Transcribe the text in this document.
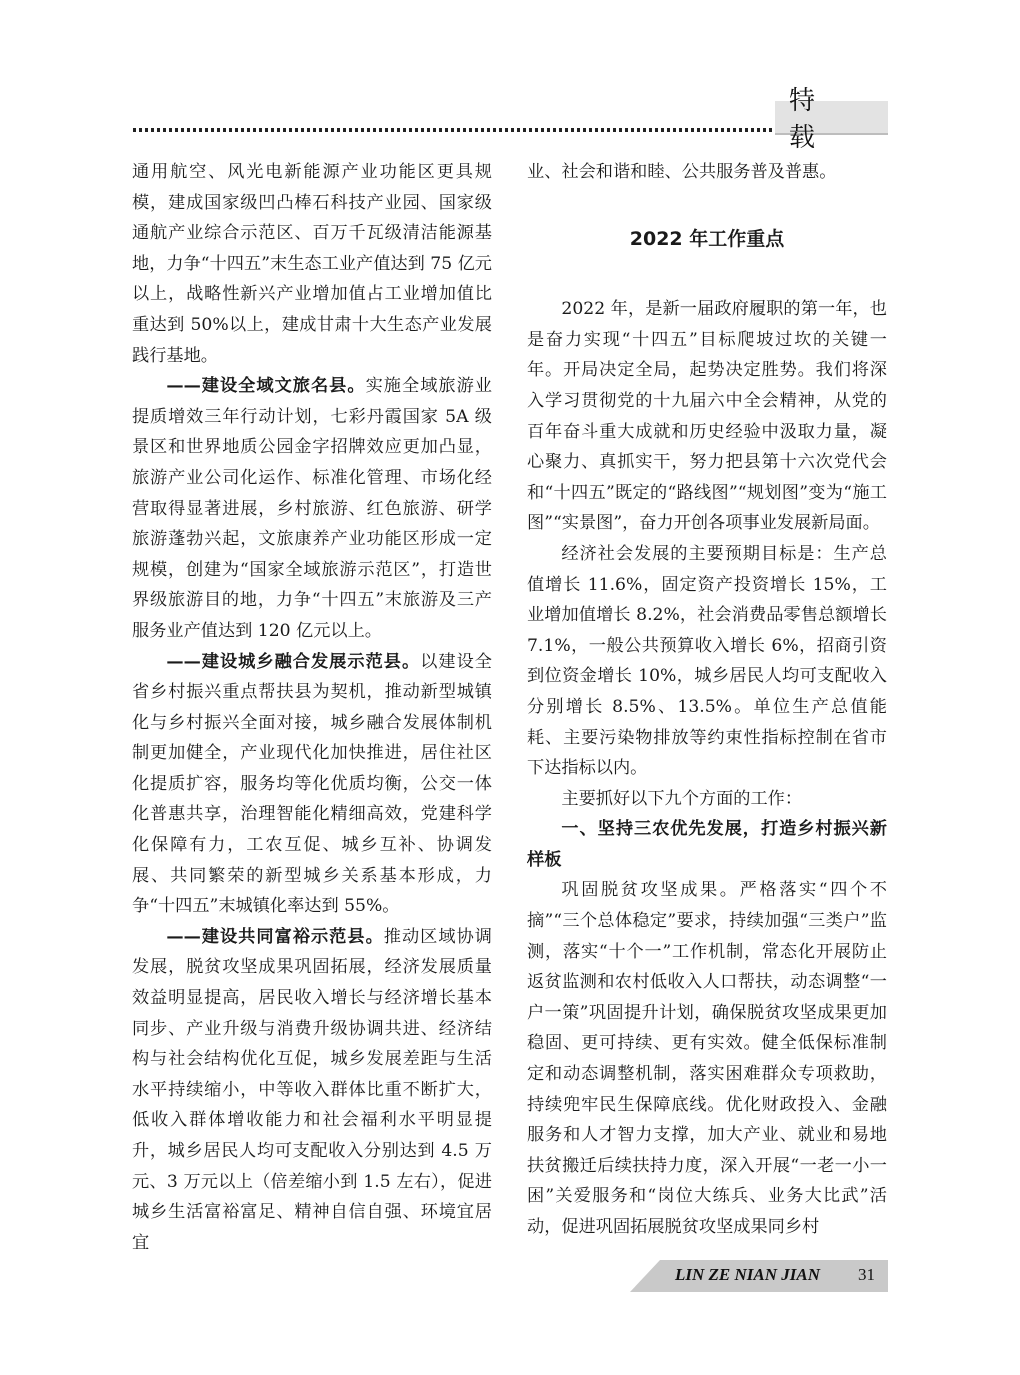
特 载

通用航空、风光电新能源产业功能区更具规模，建成国家级凹凸棒石科技产业园、国家级通航产业综合示范区、百万千瓦级清洁能源基地，力争“十四五”末生态工业产值达到 75 亿元以上，战略性新兴产业增加值占工业增加值比重达到 50%以上，建成甘肃十大生态产业发展践行基地。

——建设全域文旅名县。实施全域旅游业提质增效三年行动计划，七彩丹霞国家 5A 级景区和世界地质公园金字招牌效应更加凸显，旅游产业公司化运作、标准化管理、市场化经营取得显著进展，乡村旅游、红色旅游、研学旅游蓬勃兴起，文旅康养产业功能区形成一定规模，创建为“国家全域旅游示范区”，打造世界级旅游目的地，力争“十四五”末旅游及三产服务业产值达到 120 亿元以上。

——建设城乡融合发展示范县。以建设全省乡村振兴重点帮扶县为契机，推动新型城镇化与乡村振兴全面对接，城乡融合发展体制机制更加健全，产业现代化加快推进，居住社区化提质扩容，服务均等化优质均衡，公交一体化普惠共享，治理智能化精细高效，党建科学化保障有力，工农互促、城乡互补、协调发展、共同繁荣的新型城乡关系基本形成，力争“十四五”末城镇化率达到 55%。

——建设共同富裕示范县。推动区域协调发展，脱贫攻坚成果巩固拓展，经济发展质量效益明显提高，居民收入增长与经济增长基本同步、产业升级与消费升级协调共进、经济结构与社会结构优化互促，城乡发展差距与生活水平持续缩小，中等收入群体比重不断扩大，低收入群体增收能力和社会福利水平明显提升，城乡居民人均可支配收入分别达到 4.5 万元、3 万元以上（倍差缩小到 1.5 左右），促进城乡生活富裕富足、精神自信自强、环境宜居宜

业、社会和谐和睦、公共服务普及普惠。

2022 年工作重点

2022 年，是新一届政府履职的第一年，也是奋力实现“十四五”目标爬坡过坎的关键一年。开局决定全局，起势决定胜势。我们将深入学习贯彻党的十九届六中全会精神，从党的百年奋斗重大成就和历史经验中汲取力量，凝心聚力、真抓实干，努力把县第十六次党代会和“十四五”既定的“路线图”“规划图”变为“施工图”“实景图”，奋力开创各项事业发展新局面。

经济社会发展的主要预期目标是：生产总值增长 11.6%，固定资产投资增长 15%，工业增加值增长 8.2%，社会消费品零售总额增长 7.1%，一般公共预算收入增长 6%，招商引资到位资金增长 10%，城乡居民人均可支配收入分别增长 8.5%、13.5%。单位生产总值能耗、主要污染物排放等约束性指标控制在省市下达指标以内。

主要抓好以下九个方面的工作：

一、坚持三农优先发展，打造乡村振兴新样板

巩固脱贫攻坚成果。严格落实“四个不摘”“三个总体稳定”要求，持续加强“三类户”监测，落实“十个一”工作机制，常态化开展防止返贫监测和农村低收入人口帮扶，动态调整“一户一策”巩固提升计划，确保脱贫攻坚成果更加稳固、更可持续、更有实效。健全低保标准制定和动态调整机制，落实困难群众专项救助，持续兜牢民生保障底线。优化财政投入、金融服务和人才智力支撑，加大产业、就业和易地扶贫搬迁后续扶持力度，深入开展“一老一小一困”关爱服务和“岗位大练兵、业务大比武”活动，促进巩固拓展脱贫攻坚成果同乡村

LIN ZE NIAN JIAN 31
